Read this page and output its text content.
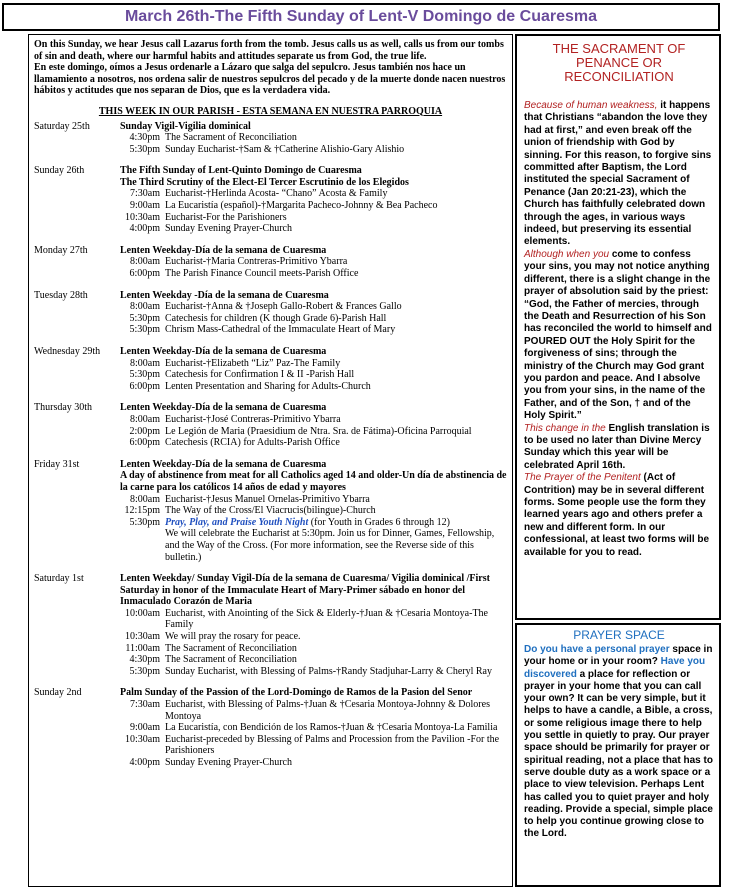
March 26th-The Fifth Sunday of Lent-V Domingo de Cuaresma

On this Sunday, we hear Jesus call Lazarus forth from the tomb. Jesus calls us as well, calls us from our tombs of sin and death, where our harmful habits and attitudes separate us from God, the true life.

En este domingo, oímos a Jesus ordenarle a Lázaro que salga del sepulcro. Jesus también nos hace un llamamiento a nosotros, nos ordena salir de nuestros sepulcros del pecado y de la muerte donde nacen nuestros hábitos y actitudes que nos separan de Dios, que es la verdadera vida.

THIS WEEK IN OUR PARISH - ESTA SEMANA EN NUESTRA PARROQUIA
Saturday 25th	Sunday Vigil-Vigilia dominical
4:30pm The Sacrament of Reconciliation
5:30pm Sunday Eucharist-†Sam & †Catherine Alishio-Gary Alishio
Sunday 26th	The Fifth Sunday of Lent-Quinto Domingo de Cuaresma
The Third Scrutiny of the Elect-El Tercer Escrutinio de los Elegidos
7:30am Eucharist-†Herlinda Acosta- “Chano” Acosta & Family
9:00am La Eucaristía (español)-†Margarita Pacheco-Johnny & Bea Pacheco
10:30am Eucharist-For the Parishioners
4:00pm Sunday Evening Prayer-Church
Monday 27th	Lenten Weekday-Día de la semana de Cuaresma
8:00am Eucharist-†Maria Contreras-Primitivo Ybarra
6:00pm The Parish Finance Council meets-Parish Office
Tuesday 28th	Lenten Weekday -Día de la semana de Cuaresma
8:00am Eucharist-†Anna & †Joseph Gallo-Robert & Frances Gallo
5:30pm Catechesis for children (K though Grade 6)-Parish Hall
5:30pm Chrism Mass-Cathedral of the Immaculate Heart of Mary
Wednesday 29th	Lenten Weekday-Día de la semana de Cuaresma
8:00am Eucharist-†Elizabeth “Liz” Paz-The Family
5:30pm Catechesis for Confirmation I & II -Parish Hall
6:00pm Lenten Presentation and Sharing for Adults-Church
Thursday 30th	Lenten Weekday-Día de la semana de Cuaresma
8:00am Eucharist-†José Contreras-Primitivo Ybarra
2:00pm Le Legión de Maria (Praesidium de Ntra. Sra. de Fátima)-Oficina Parroquial
6:00pm Catechesis (RCIA) for Adults-Parish Office
Friday 31st	Lenten Weekday-Día de la semana de Cuaresma
A day of abstinence from meat for all Catholics aged 14 and older-Un día de abstinencia de la carne para los católicos 14 años de edad y mayores
8:00am Eucharist-†Jesus Manuel Ornelas-Primitivo Ybarra
12:15pm The Way of the Cross/El Viacrucis(bilingue)-Church
5:30pm Pray, Play, and Praise Youth Night (for Youth in Grades 6 through 12)
We will celebrate the Eucharist at 5:30pm. Join us for Dinner, Games, Fellowship, and the Way of the Cross. (For more information, see the Reverse side of this bulletin.)
Saturday 1st	Lenten Weekday/ Sunday Vigil-Día de la semana de Cuaresma/ Vigilia dominical /First Saturday in honor of the Immaculate Heart of Mary-Primer sábado en honor del Inmaculado Corazón de Maria
10:00am Eucharist, with Anointing of the Sick & Elderly-†Juan & †Cesaria Montoya-The Family
10:30am We will pray the rosary for peace.
11:00am The Sacrament of Reconciliation
4:30pm The Sacrament of Reconciliation
5:30pm Sunday Eucharist, with Blessing of Palms-†Randy Stadjuhar-Larry & Cheryl Ray
Sunday 2nd	Palm Sunday of the Passion of the Lord-Domingo de Ramos de la Pasion del Senor
7:30am Eucharist, with Blessing of Palms-†Juan & †Cesaria Montoya-Johnny & Dolores Montoya
9:00am La Eucaristía, con Bendición de los Ramos-†Juan & †Cesaria Montoya-La Familia
10:30am Eucharist-preceded by Blessing of Palms and Procession from the Pavilion -For the Parishioners
4:00pm Sunday Evening Prayer-Church
THE SACRAMENT OF PENANCE OR RECONCILIATION

Because of human weakness, it happens that Christians “abandon the love they had at first,” and even break off the union of friendship with God by sinning. For this reason, to forgive sins committed after Baptism, the Lord instituted the special Sacrament of Penance (Jan 20:21-23), which the Church has faithfully celebrated down through the ages, in various ways indeed, but preserving its essential elements.

Although when you come to confess your sins, you may not notice anything different, there is a slight change in the prayer of absolution said by the priest: “God, the Father of mercies, through the Death and Resurrection of his Son has reconciled the world to himself and POURED OUT the Holy Spirit for the forgiveness of sins; through the ministry of the Church may God grant you pardon and peace. And I absolve you from your sins, in the name of the Father, and of the Son, † and of the Holy Spirit.”

This change in the English translation is to be used no later than Divine Mercy Sunday which this year will be celebrated April 16th.

The Prayer of the Penitent (Act of Contrition) may be in several different forms. Some people use the form they learned years ago and others prefer a new and different form. In our confessional, at least two forms will be available for you to read.

PRAYER SPACE

Do you have a personal prayer space in your home or in your room? Have you discovered a place for reflection or prayer in your home that you can call your own? It can be very simple, but it helps to have a candle, a Bible, a cross, or some religious image there to help you settle in quietly to pray. Our prayer space should be primarily for prayer or spiritual reading, not a place that has to serve double duty as a work space or a place to view television. Perhaps Lent has called you to quiet prayer and holy reading. Provide a special, simple place to help you continue growing close to the Lord.
